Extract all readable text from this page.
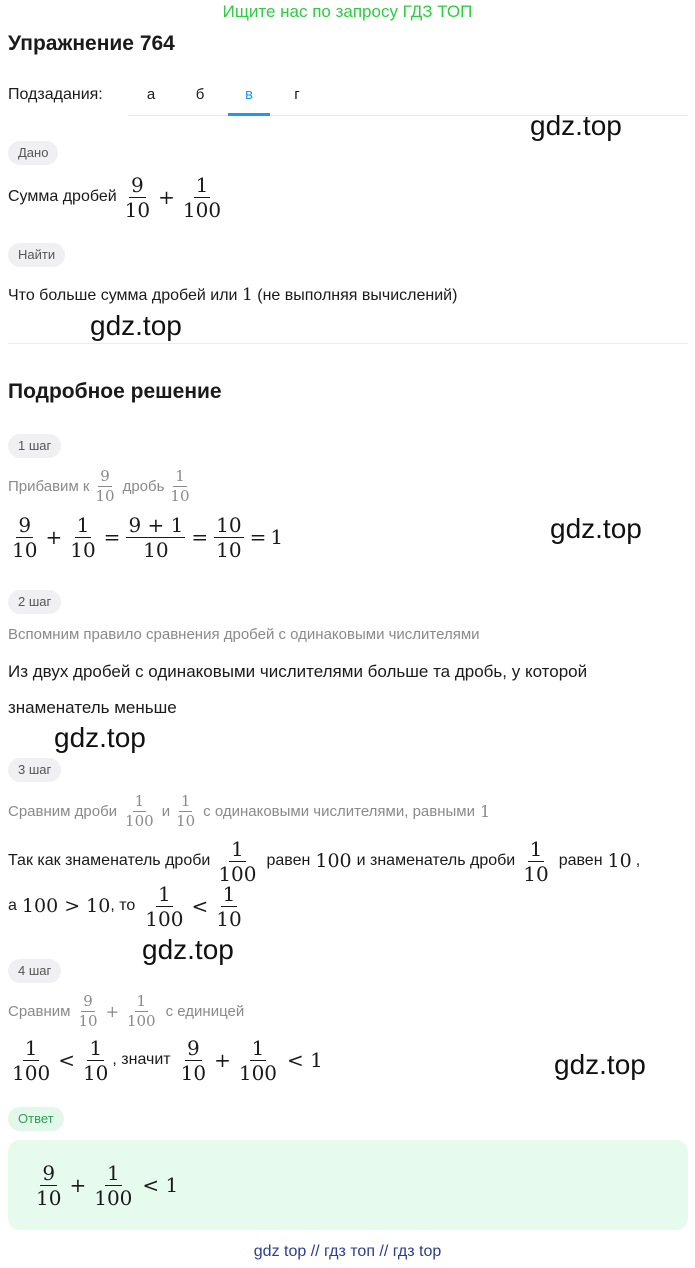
Ищите нас по запросу ГДЗ ТОП
Упражнение 764
Подзадания:	а	б	в	г
gdz.top
gdz.top
gdz.top
gdz.top
gdz.top
gdz.top
Дано
Сумма дробей $\frac{9}{10} + \frac{1}{100}$
Найти
Что больше сумма дробей или 1 (не выполняя вычислений)
Подробное решение
1 шаг
Прибавим к $\frac{9}{10}$ дробь $\frac{1}{10}$
$\frac{9}{10} + \frac{1}{10} = \frac{9 + 1}{10} = \frac{10}{10} = 1$
2 шаг
Вспомним правило сравнения дробей с одинаковыми числителями
Из двух дробей с одинаковыми числителями больше та дробь, у которой
знаменатель меньше
3 шаг
Сравним дроби $\frac{1}{100}$ и $\frac{1}{10}$ с одинаковыми числителями, равными 1
Так как знаменатель дроби $\frac{1}{100}$ равен 100 и знаменатель дроби $\frac{1}{10}$ равен 10 ,
а 100 > 10 , то $\frac{1}{100} < \frac{1}{10}$
4 шаг
Сравним $\frac{9}{10} + \frac{1}{100}$ с единицей
$\frac{1}{100} < \frac{1}{10}$ , значит $\frac{9}{10} + \frac{1}{100} < 1$
Ответ
$\frac{9}{10} + \frac{1}{100} < 1$
gdz top // гдз топ // гдз top
